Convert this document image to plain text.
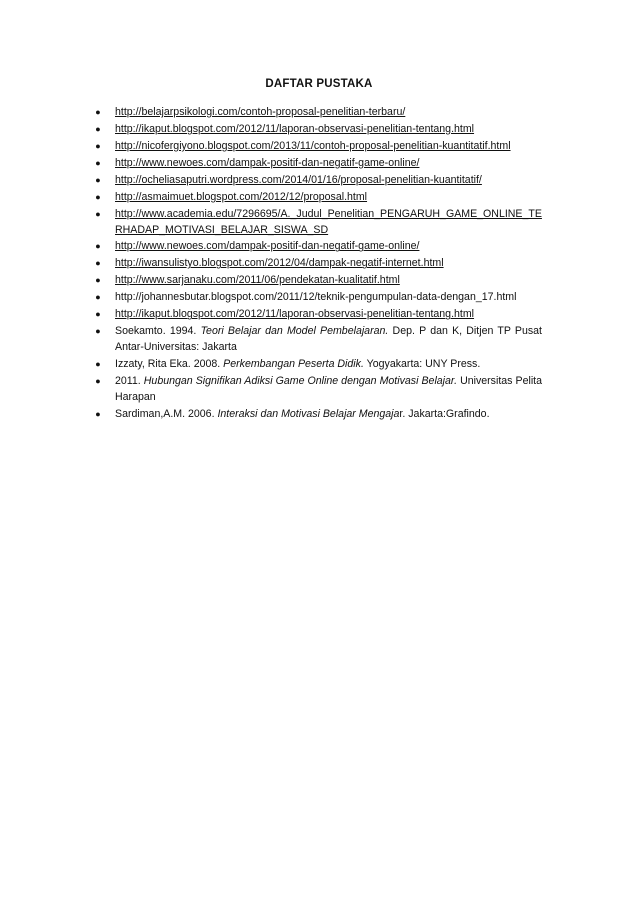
DAFTAR PUSTAKA
● http://belajarpsikologi.com/contoh-proposal-penelitian-terbaru/
● http://ikaput.blogspot.com/2012/11/laporan-observasi-penelitian-tentang.html
● http://nicofergiyono.blogspot.com/2013/11/contoh-proposal-penelitian-kuantitatif.html
● http://www.newoes.com/dampak-positif-dan-negatif-game-online/
● http://ocheliasaputri.wordpress.com/2014/01/16/proposal-penelitian-kuantitatif/
● http://asmaimuet.blogspot.com/2012/12/proposal.html
● http://www.academia.edu/7296695/A._Judul_Penelitian_PENGARUH_GAME_ONLINE_TERHADAP_MOTIVASI_BELAJAR_SISWA_SD
● http://www.newoes.com/dampak-positif-dan-negatif-game-online/
● http://iwansulistyo.blogspot.com/2012/04/dampak-negatif-internet.html
● http://www.sarjanaku.com/2011/06/pendekatan-kualitatif.html
● http://johannesbutar.blogspot.com/2011/12/teknik-pengumpulan-data-dengan_17.html
● http://ikaput.blogspot.com/2012/11/laporan-observasi-penelitian-tentang.html
● Soekamto. 1994. Teori Belajar dan Model Pembelajaran. Dep. P dan K, Ditjen TP Pusat Antar-Universitas: Jakarta
● Izzaty, Rita Eka. 2008. Perkembangan Peserta Didik. Yogyakarta: UNY Press.
● 2011. Hubungan Signifikan Adiksi Game Online dengan Motivasi Belajar. Universitas Pelita Harapan
● Sardiman,A.M. 2006. Interaksi dan Motivasi Belajar Mengajar. Jakarta:Grafindo.
